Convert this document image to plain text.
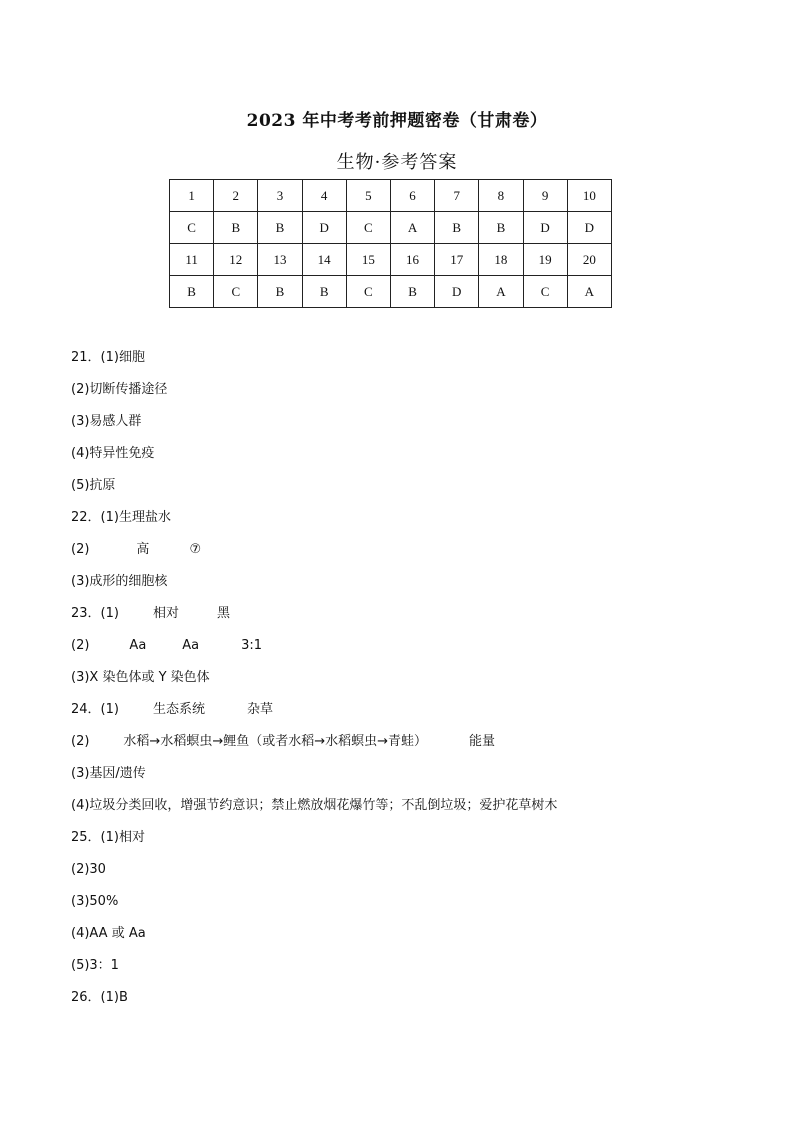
2023 年中考考前押题密卷（甘肃卷）
生物·参考答案
1	2	3	4	5	6	7	8	9	10
C	B	B	D	C	A	B	B	D	D
11	12	13	14	15	16	17	18	19	20
B	C	B	B	C	B	D	A	C	A
21．(1)细胞
(2)切断传播途径
(3)易感人群
(4)特异性免疫
(5)抗原
22．(1)生理盐水
(2)	高	⑦
(3)成形的细胞核
23．(1)	相对	黑
(2)	Aa	Aa	3:1
(3)X 染色体或 Y 染色体
24．(1)	生态系统	杂草
(2)	水稻→水稻螟虫→鲤鱼（或者水稻→水稻螟虫→青蛙）	能量
(3)基因/遗传
(4)垃圾分类回收，增强节约意识；禁止燃放烟花爆竹等；不乱倒垃圾；爱护花草树木
25．(1)相对
(2)30
(3)50%
(4)AA 或 Aa
(5)3：1
26．(1)B
